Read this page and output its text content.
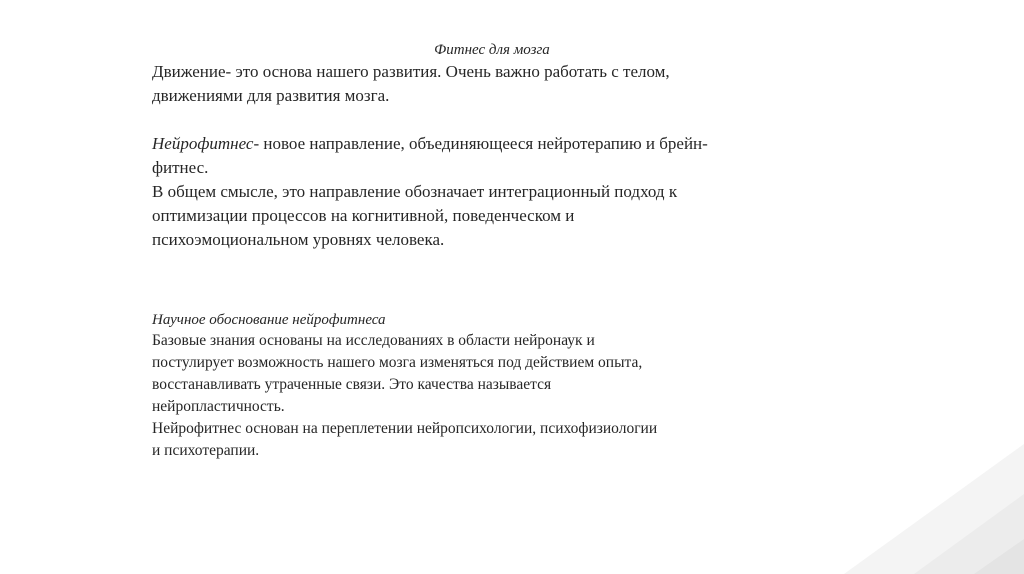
Фитнес для мозга
Движение- это основа нашего развития. Очень важно работать с телом,
движениями для развития мозга.
Нейрофитнес- новое направление, объединяющееся нейротерапию и брейн-
фитнес.
В общем смысле, это направление обозначает интеграционный подход к
оптимизации процессов на когнитивной, поведенческом и
психоэмоциональном уровнях человека.
Научное обоснование нейрофитнеса
Базовые знания основаны на исследованиях в области нейронаук и
постулирует возможность нашего мозга изменяться под действием опыта,
восстанавливать утраченные связи. Это качества называется
нейропластичность.
Нейрофитнес основан на переплетении нейропсихологии, психофизиологии
и психотерапии.
